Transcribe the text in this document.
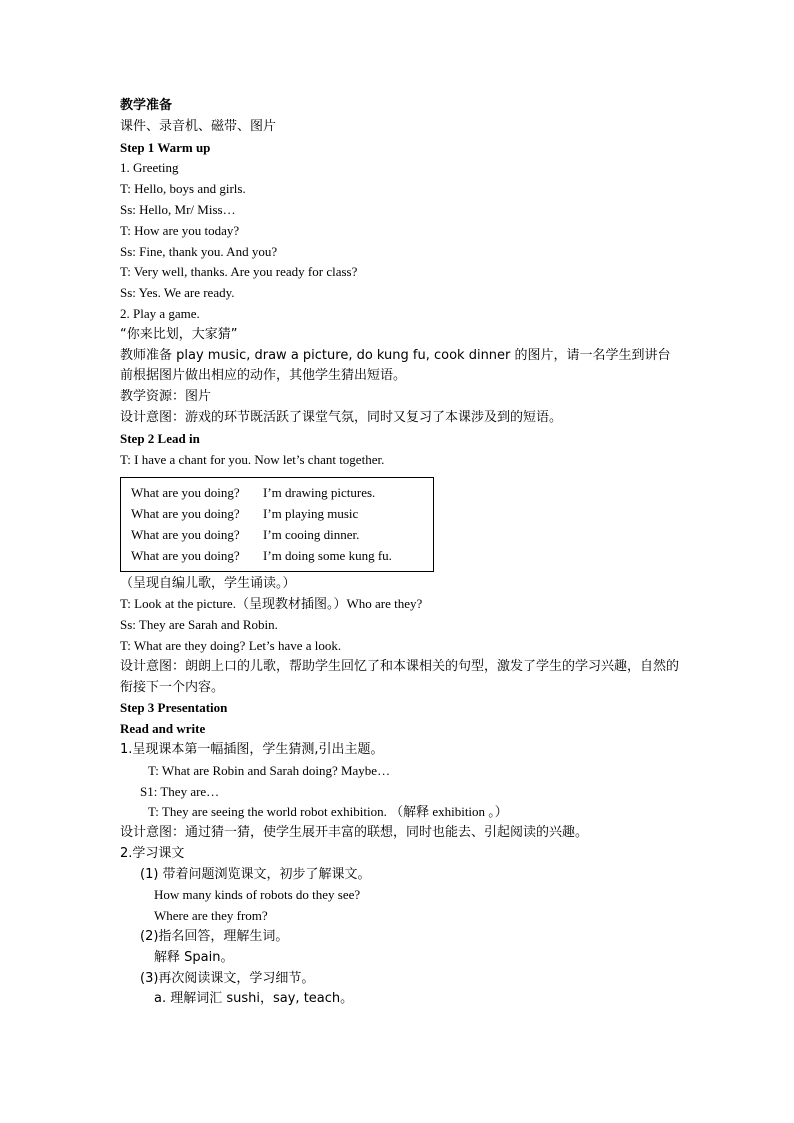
教学准备
课件、录音机、磁带、图片
Step 1 Warm up
1. Greeting
T: Hello, boys and girls.
Ss: Hello, Mr/ Miss…
T: How are you today?
Ss: Fine, thank you. And you?
T: Very well, thanks. Are you ready for class?
Ss: Yes. We are ready.
2. Play a game.
“你来比划，大家猜”
教师准备 play music, draw a picture, do kung fu, cook dinner 的图片，请一名学生到讲台前根据图片做出相应的动作，其他学生猜出短语。
教学资源：图片
设计意图：游戏的环节既活跃了课堂气氛，同时又复习了本课涉及到的短语。
Step 2 Lead in
T: I have a chant for you. Now let’s chant together.
What are you doing? I’m drawing pictures.
What are you doing? I’m playing music
What are you doing? I’m cooing dinner.
What are you doing? I’m doing some kung fu.
（呈现自编儿歌，学生诵读。）
T: Look at the picture.（呈现教材插图。）Who are they?
Ss: They are Sarah and Robin.
T: What are they doing? Let’s have a look.
设计意图：朗朗上口的儿歌，帮助学生回忆了和本课相关的句型，激发了学生的学习兴趣，自然的衔接下一个内容。
Step 3 Presentation
Read and write
1.呈现课本第一幅插图，学生猜测,引出主题。
T: What are Robin and Sarah doing? Maybe…
S1: They are…
T: They are seeing the world robot exhibition. （解释 exhibition 。）
设计意图：通过猜一猜，使学生展开丰富的联想，同时也能去、引起阅读的兴趣。
2.学习课文
(1) 带着问题浏览课文，初步了解课文。
How many kinds of robots do they see?
Where are they from?
(2)指名回答，理解生词。
解释 Spain。
(3)再次阅读课文，学习细节。
a. 理解词汇 sushi，say, teach。
